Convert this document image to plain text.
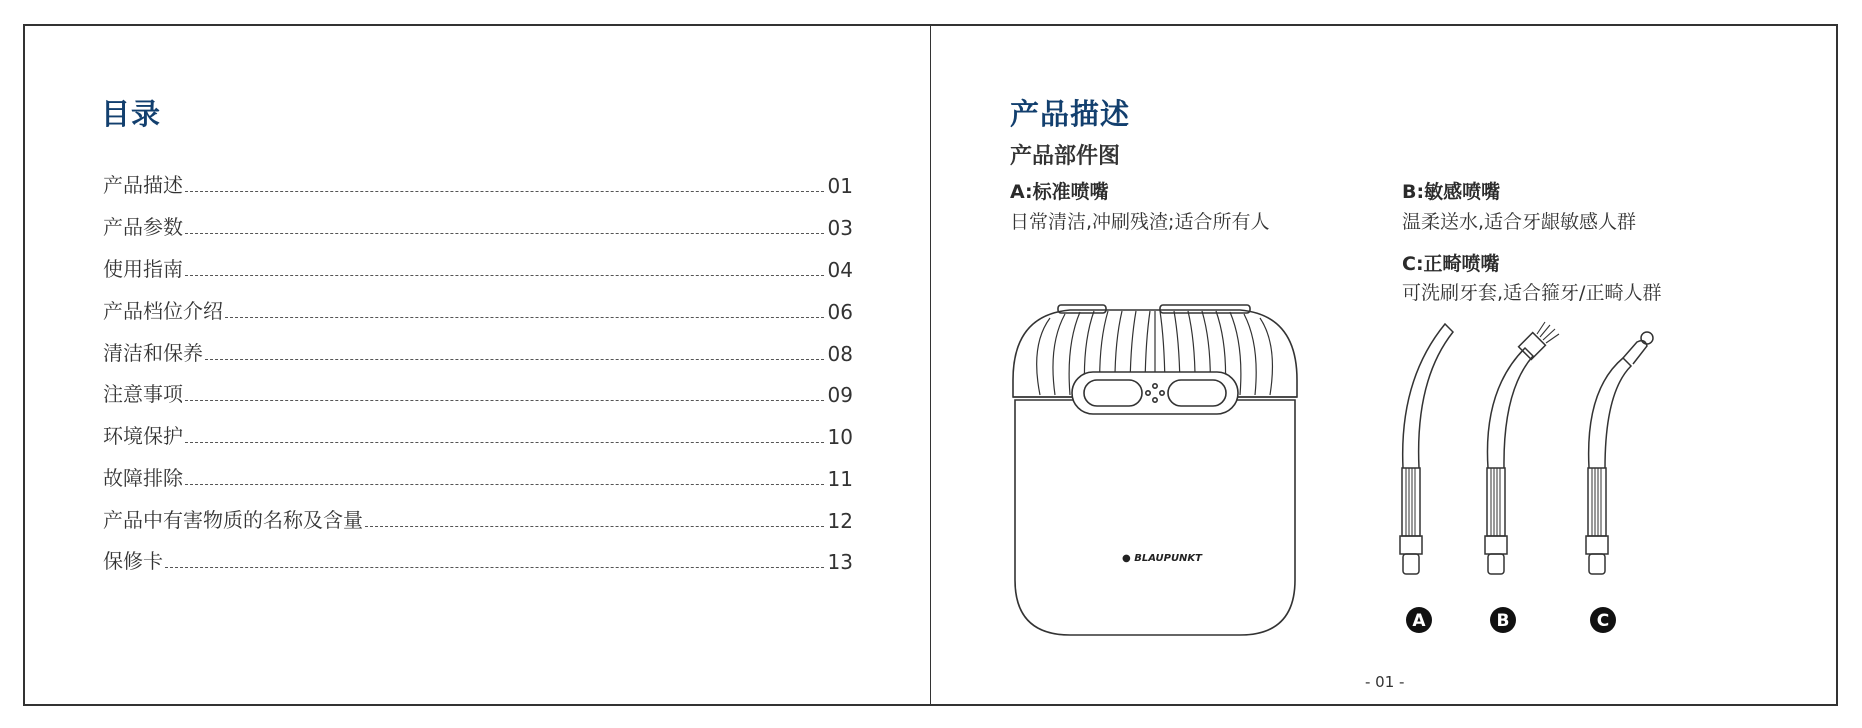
目录
产品描述	01
产品参数	03
使用指南	04
产品档位介绍	06
清洁和保养	08
注意事项	09
环境保护	10
故障排除	11
产品中有害物质的名称及含量	12
保修卡	13
产品描述
产品部件图
A:标准喷嘴
日常清洁,冲刷残渣;适合所有人
B:敏感喷嘴
温柔送水,适合牙龈敏感人群
C:正畸喷嘴
可洗刷牙套,适合箍牙/正畸人群
● BLAUPUNKT
A	B	C
- 01 -
